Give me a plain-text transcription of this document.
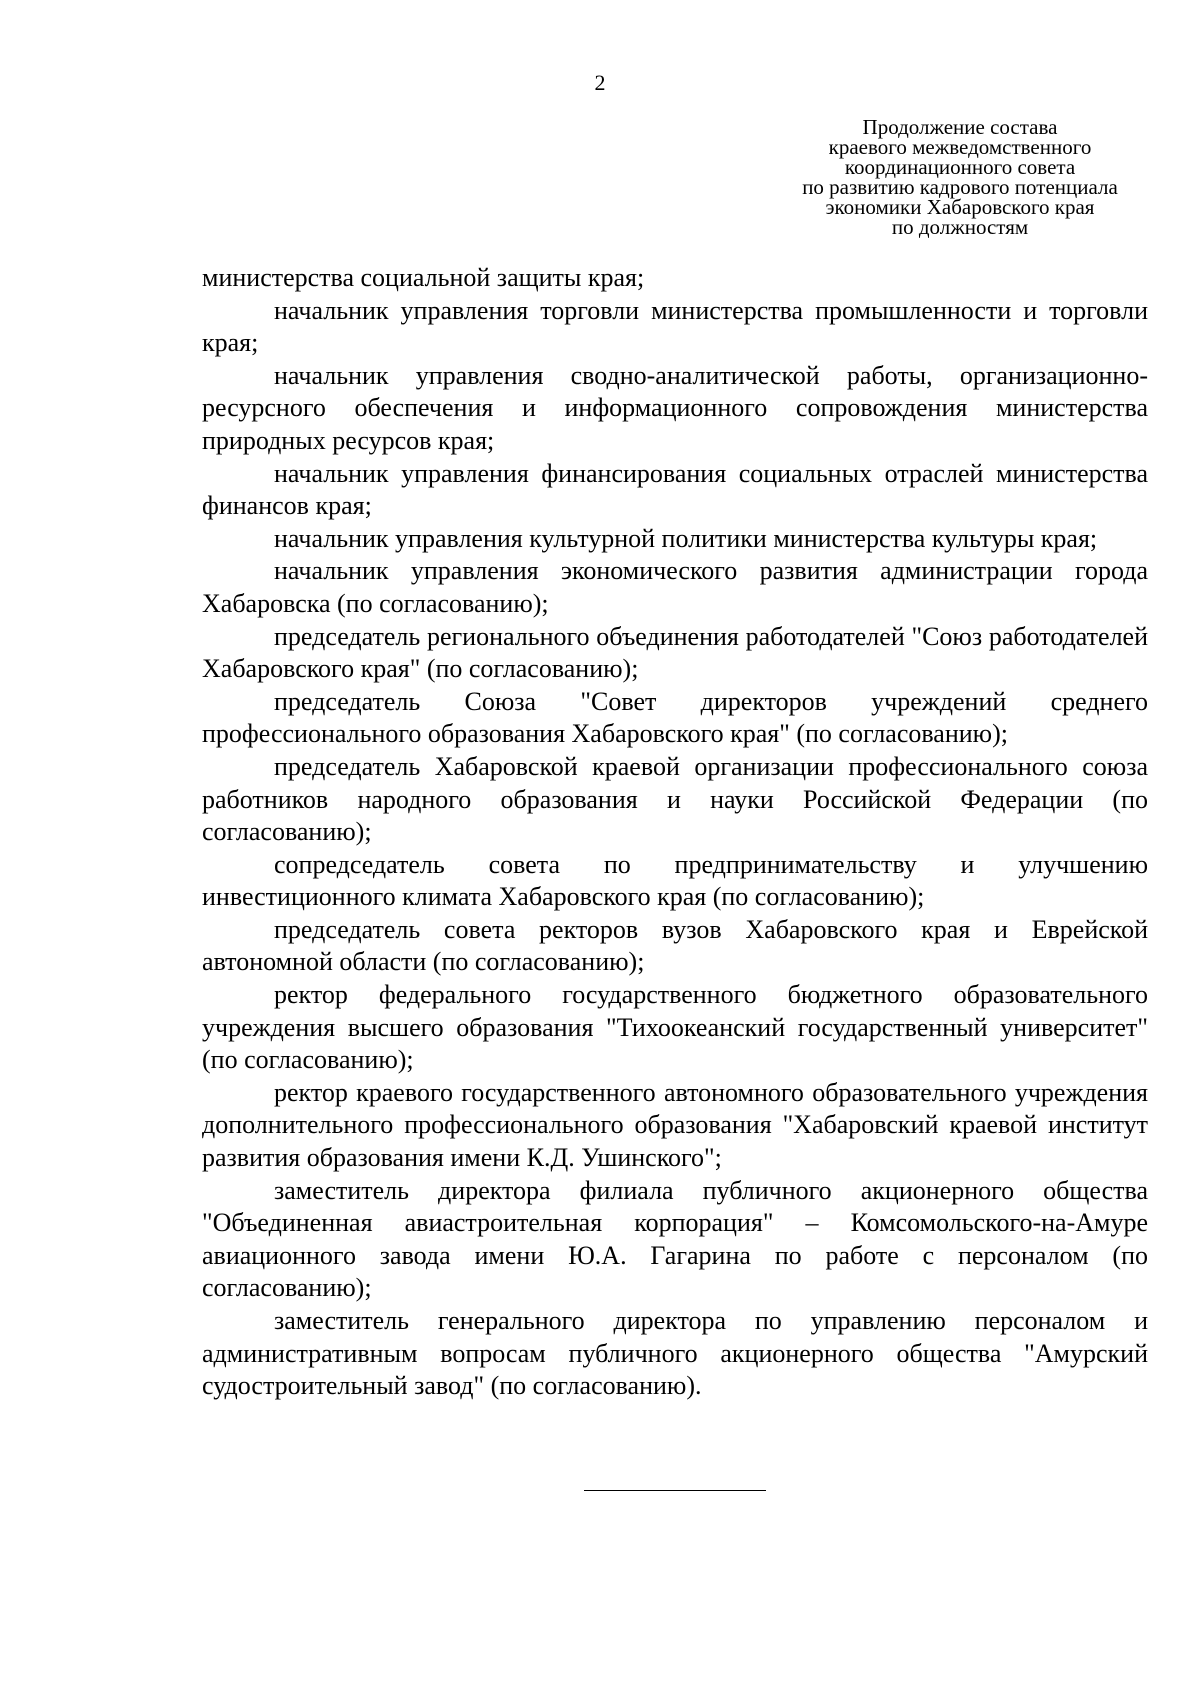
2
Продолжение состава
краевого межведомственного
координационного совета
по развитию кадрового потенциала
экономики Хабаровского края
по должностям

министерства социальной защиты края;

начальник управления торговли министерства промышленности и торговли края;

начальник управления сводно-аналитической работы, организационно-ресурсного обеспечения и информационного сопровождения министерства природных ресурсов края;

начальник управления финансирования социальных отраслей министерства финансов края;

начальник управления культурной политики министерства культуры края;

начальник управления экономического развития администрации города Хабаровска (по согласованию);

председатель регионального объединения работодателей "Союз работодателей Хабаровского края" (по согласованию);

председатель Союза "Совет директоров учреждений среднего профессионального образования Хабаровского края" (по согласованию);

председатель Хабаровской краевой организации профессионального союза работников народного образования и науки Российской Федерации (по согласованию);

сопредседатель совета по предпринимательству и улучшению инвестиционного климата Хабаровского края (по согласованию);

председатель совета ректоров вузов Хабаровского края и Еврейской автономной области (по согласованию);

ректор федерального государственного бюджетного образовательного учреждения высшего образования "Тихоокеанский государственный университет" (по согласованию);

ректор краевого государственного автономного образовательного учреждения дополнительного профессионального образования "Хабаровский краевой институт развития образования имени К.Д. Ушинского";

заместитель директора филиала публичного акционерного общества "Объединенная авиастроительная корпорация" – Комсомольского-на-Амуре авиационного завода имени Ю.А. Гагарина по работе с персоналом (по согласованию);

заместитель генерального директора по управлению персоналом и административным вопросам публичного акционерного общества "Амурский судостроительный завод" (по согласованию).
